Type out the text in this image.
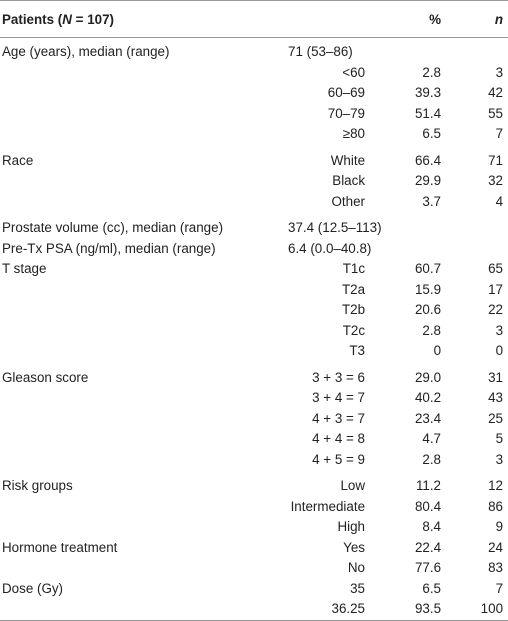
Patients (N = 107)		%	n
Age (years), median (range)	71 (53–86)		
	<60	2.8	3
	60–69	39.3	42
	70–79	51.4	55
	≥80	6.5	7
Race	White	66.4	71
	Black	29.9	32
	Other	3.7	4
Prostate volume (cc), median (range)	37.4 (12.5–113)		
Pre-Tx PSA (ng/ml), median (range)	6.4 (0.0–40.8)		
T stage	T1c	60.7	65
	T2a	15.9	17
	T2b	20.6	22
	T2c	2.8	3
	T3	0	0
Gleason score	3 + 3 = 6	29.0	31
	3 + 4 = 7	40.2	43
	4 + 3 = 7	23.4	25
	4 + 4 = 8	4.7	5
	4 + 5 = 9	2.8	3
Risk groups	Low	11.2	12
	Intermediate	80.4	86
	High	8.4	9
Hormone treatment	Yes	22.4	24
	No	77.6	83
Dose (Gy)	35	6.5	7
	36.25	93.5	100
